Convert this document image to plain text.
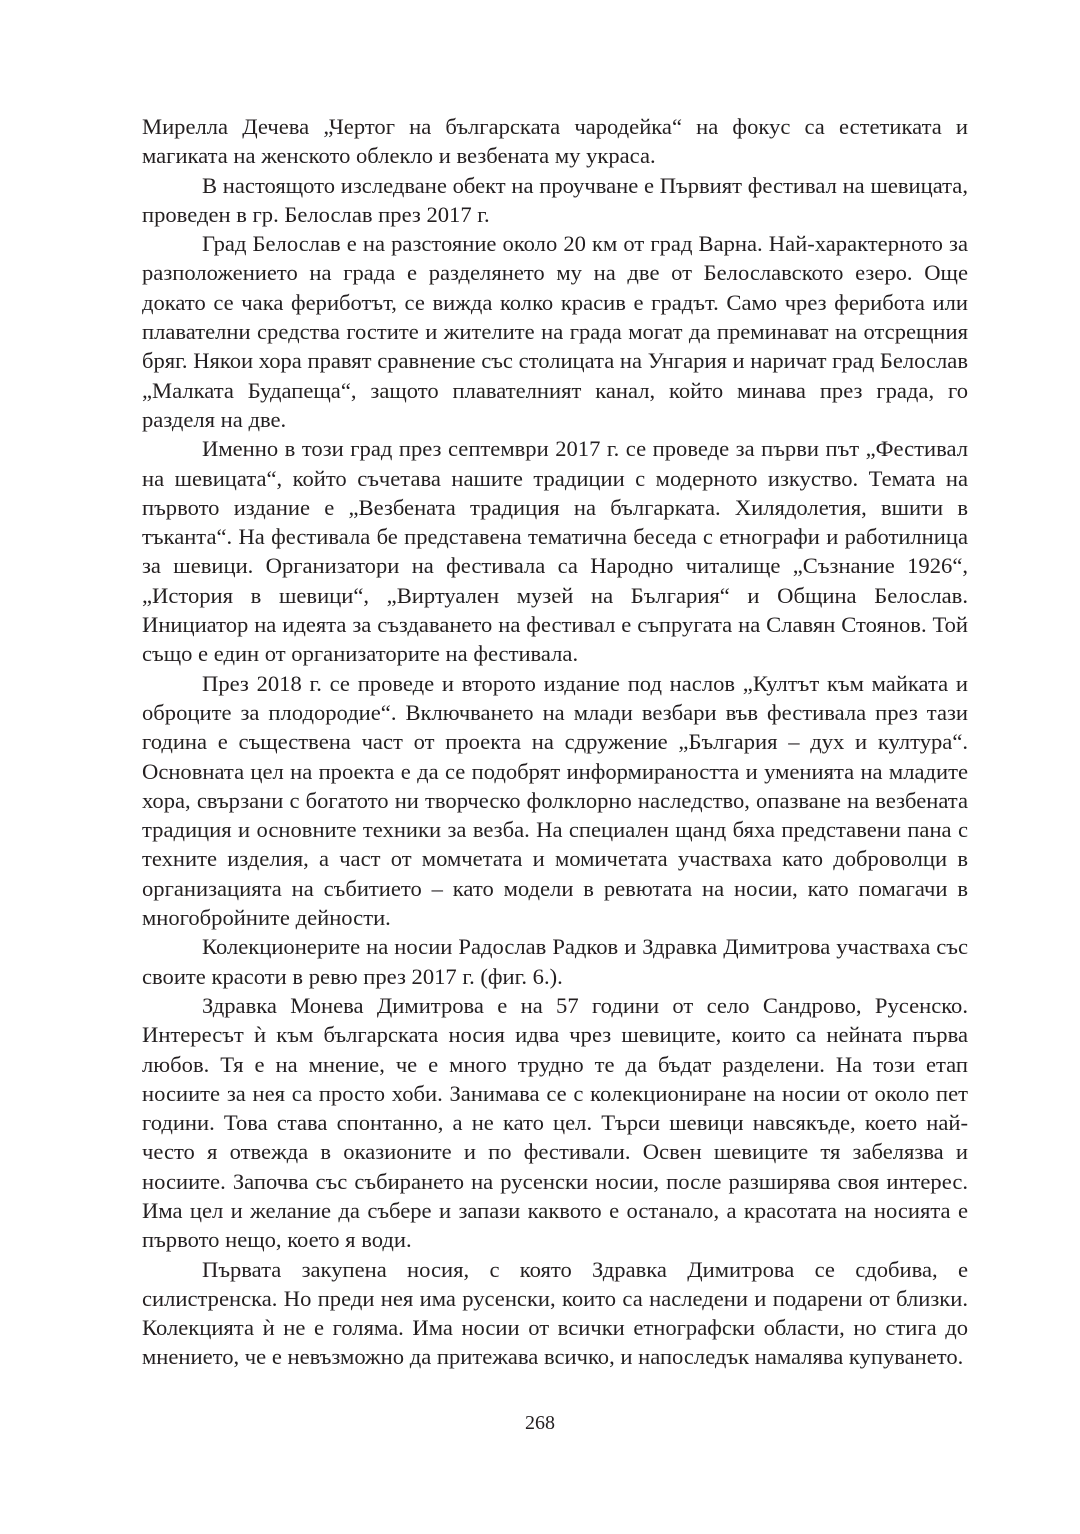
Мирелла Дечева „Чертог на българската чародейка“ на фокус са естетиката и магиката на женското облекло и везбената му украса.

В настоящото изследване обект на проучване е Първият фестивал на шевицата, проведен в гр. Белослав през 2017 г.

Град Белослав е на разстояние около 20 км от град Варна. Най-характерното за разположението на града е разделянето му на две от Белославското езеро. Още докато се чака фериботът, се вижда колко красив е градът. Само чрез ферибота или плавателни средства гостите и жителите на града могат да преминават на отсрещния бряг. Някои хора правят сравнение със столицата на Унгария и наричат град Белослав „Малката Будапеща“, защото плавателният канал, който минава през града, го разделя на две.

Именно в този град през септември 2017 г. се проведе за първи път „Фестивал на шевицата“, който съчетава нашите традиции с модерното изкуство. Темата на първото издание е „Везбената традиция на българката. Хилядолетия, вшити в тъканта“. На фестивала бе представена тематична беседа с етнографи и работилница за шевици. Организатори на фестивала са Народно читалище „Съзнание 1926“, „История в шевици“, „Виртуален музей на България“ и Община Белослав. Инициатор на идеята за създаването на фестивал е съпругата на Славян Стоянов. Той също е един от организаторите на фестивала.

През 2018 г. се проведе и второто издание под наслов „Култът към майката и оброците за плодородие“. Включването на млади везбари във фестивала през тази година е съществена част от проекта на сдружение „България – дух и култура“. Основната цел на проекта е да се подобрят информираността и уменията на младите хора, свързани с богатото ни творческо фолклорно наследство, опазване на везбената традиция и основните техники за везба. На специален щанд бяха представени пана с техните изделия, а част от момчетата и момичетата участваха като доброволци в организацията на събитието – като модели в ревютата на носии, като помагачи в многобройните дейности.

Колекционерите на носии Радослав Радков и Здравка Димитрова участваха със своите красоти в ревю през 2017 г. (фиг. 6.).

Здравка Монева Димитрова е на 57 години от село Сандрово, Русенско. Интересът ѝ към българската носия идва чрез шевиците, които са нейната първа любов. Тя е на мнение, че е много трудно те да бъдат разделени. На този етап носиите за нея са просто хоби. Занимава се с колекциониране на носии от около пет години. Това става спонтанно, а не като цел. Търси шевици навсякъде, което най-често я отвежда в оказионите и по фестивали. Освен шевиците тя забелязва и носиите. Започва със събирането на русенски носии, после разширява своя интерес. Има цел и желание да събере и запази каквото е останало, а красотата на носията е първото нещо, което я води.

Първата закупена носия, с която Здравка Димитрова се сдобива, е силистренска. Но преди нея има русенски, които са наследени и подарени от близки. Колекцията ѝ не е голяма. Има носии от всички етнографски области, но стига до мнението, че е невъзможно да притежава всичко, и напоследък намалява купуването.

268
